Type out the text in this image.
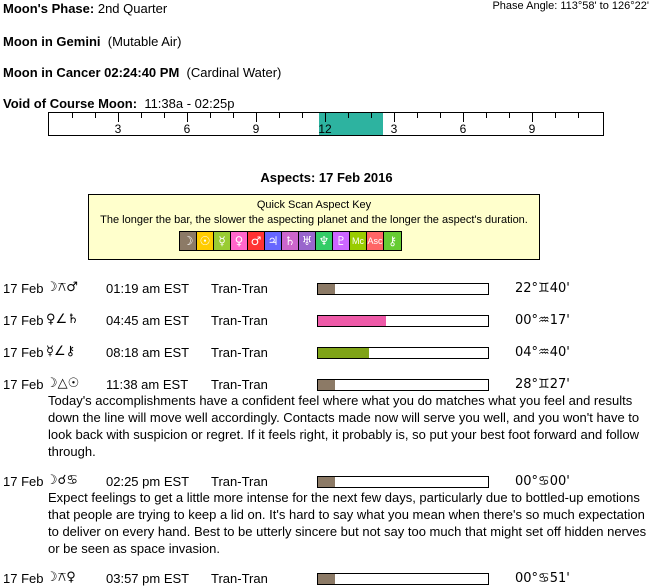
Moon's Phase: 2nd Quarter	Phase Angle: 113°58' to 126°22'
Moon in Gemini (Mutable Air)
Moon in Cancer 02:24:40 PM (Cardinal Water)
Void of Course Moon: 11:38a - 02:25p
3	6	9	12	3	6	9
Aspects: 17 Feb 2016
Quick Scan Aspect Key
The longer the bar, the slower the aspecting planet and the longer the aspect's duration.
☽ ☉ ☿ ♀ ♂ ♃ ♄ ♅ ♆ ♇ Mc Asc ⚷
17 Feb ☽⚻♂ 01:19 am EST Tran-Tran	22°♊40'
17 Feb ♀∠♄ 04:45 am EST Tran-Tran	00°♒17'
17 Feb ☿∠⚷ 08:18 am EST Tran-Tran	04°♒40'
17 Feb ☽△☉ 11:38 am EST Tran-Tran	28°♊27'
Today's accomplishments have a confident feel where what you do matches what you feel and results down the line will move well accordingly. Contacts made now will serve you well, and you won't have to look back with suspicion or regret. If it feels right, it probably is, so put your best foot forward and follow through.
17 Feb ☽☌♋ 02:25 pm EST Tran-Tran	00°♋00'
Expect feelings to get a little more intense for the next few days, particularly due to bottled-up emotions that people are trying to keep a lid on. It's hard to say what you mean when there's so much expectation to deliver on every hand. Best to be utterly sincere but not say too much that might set off hidden nerves or be seen as space invasion.
17 Feb ☽⚻♀ 03:57 pm EST Tran-Tran	00°♋51'
